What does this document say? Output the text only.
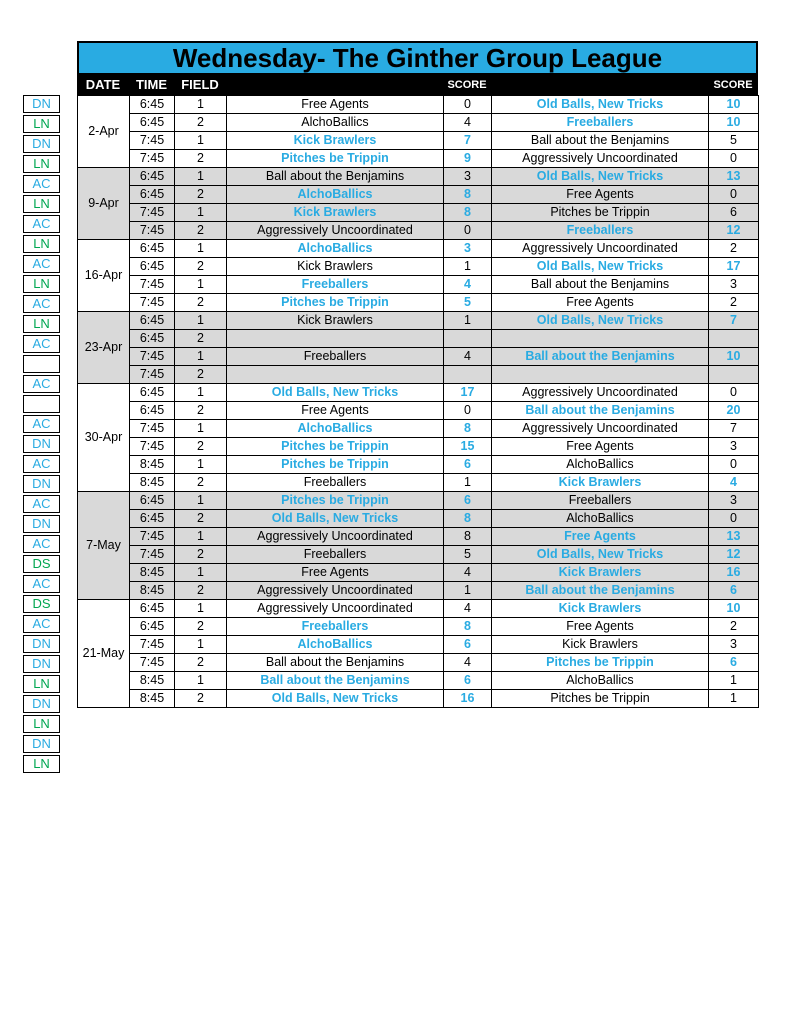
DN
LN
DN
LN
AC
LN
AC
LN
AC
LN
AC
LN
AC
AC
AC
DN
AC
DN
AC
DN
AC
DS
AC
DS
AC
DN
DN
LN
DN
LN
DN
LN
Wednesday- The Ginther Group League
DATE	TIME	FIELD	SCORE	SCORE
2-Apr	6:45	1	Free Agents	0	Old Balls, New Tricks	10
	6:45	2	AlchoBallics	4	Freeballers	10
	7:45	1	Kick Brawlers	7	Ball about the Benjamins	5
	7:45	2	Pitches be Trippin	9	Aggressively Uncoordinated	0
9-Apr	6:45	1	Ball about the Benjamins	3	Old Balls, New Tricks	13
	6:45	2	AlchoBallics	8	Free Agents	0
	7:45	1	Kick Brawlers	8	Pitches be Trippin	6
	7:45	2	Aggressively Uncoordinated	0	Freeballers	12
16-Apr	6:45	1	AlchoBallics	3	Aggressively Uncoordinated	2
	6:45	2	Kick Brawlers	1	Old Balls, New Tricks	17
	7:45	1	Freeballers	4	Ball about the Benjamins	3
	7:45	2	Pitches be Trippin	5	Free Agents	2
23-Apr	6:45	1	Kick Brawlers	1	Old Balls, New Tricks	7
	6:45	2				
	7:45	1	Freeballers	4	Ball about the Benjamins	10
	7:45	2				
30-Apr	6:45	1	Old Balls, New Tricks	17	Aggressively Uncoordinated	0
	6:45	2	Free Agents	0	Ball about the Benjamins	20
	7:45	1	AlchoBallics	8	Aggressively Uncoordinated	7
	7:45	2	Pitches be Trippin	15	Free Agents	3
	8:45	1	Pitches be Trippin	6	AlchoBallics	0
	8:45	2	Freeballers	1	Kick Brawlers	4
7-May	6:45	1	Pitches be Trippin	6	Freeballers	3
	6:45	2	Old Balls, New Tricks	8	AlchoBallics	0
	7:45	1	Aggressively Uncoordinated	8	Free Agents	13
	7:45	2	Freeballers	5	Old Balls, New Tricks	12
	8:45	1	Free Agents	4	Kick Brawlers	16
	8:45	2	Aggressively Uncoordinated	1	Ball about the Benjamins	6
21-May	6:45	1	Aggressively Uncoordinated	4	Kick Brawlers	10
	6:45	2	Freeballers	8	Free Agents	2
	7:45	1	AlchoBallics	6	Kick Brawlers	3
	7:45	2	Ball about the Benjamins	4	Pitches be Trippin	6
	8:45	1	Ball about the Benjamins	6	AlchoBallics	1
	8:45	2	Old Balls, New Tricks	16	Pitches be Trippin	1
